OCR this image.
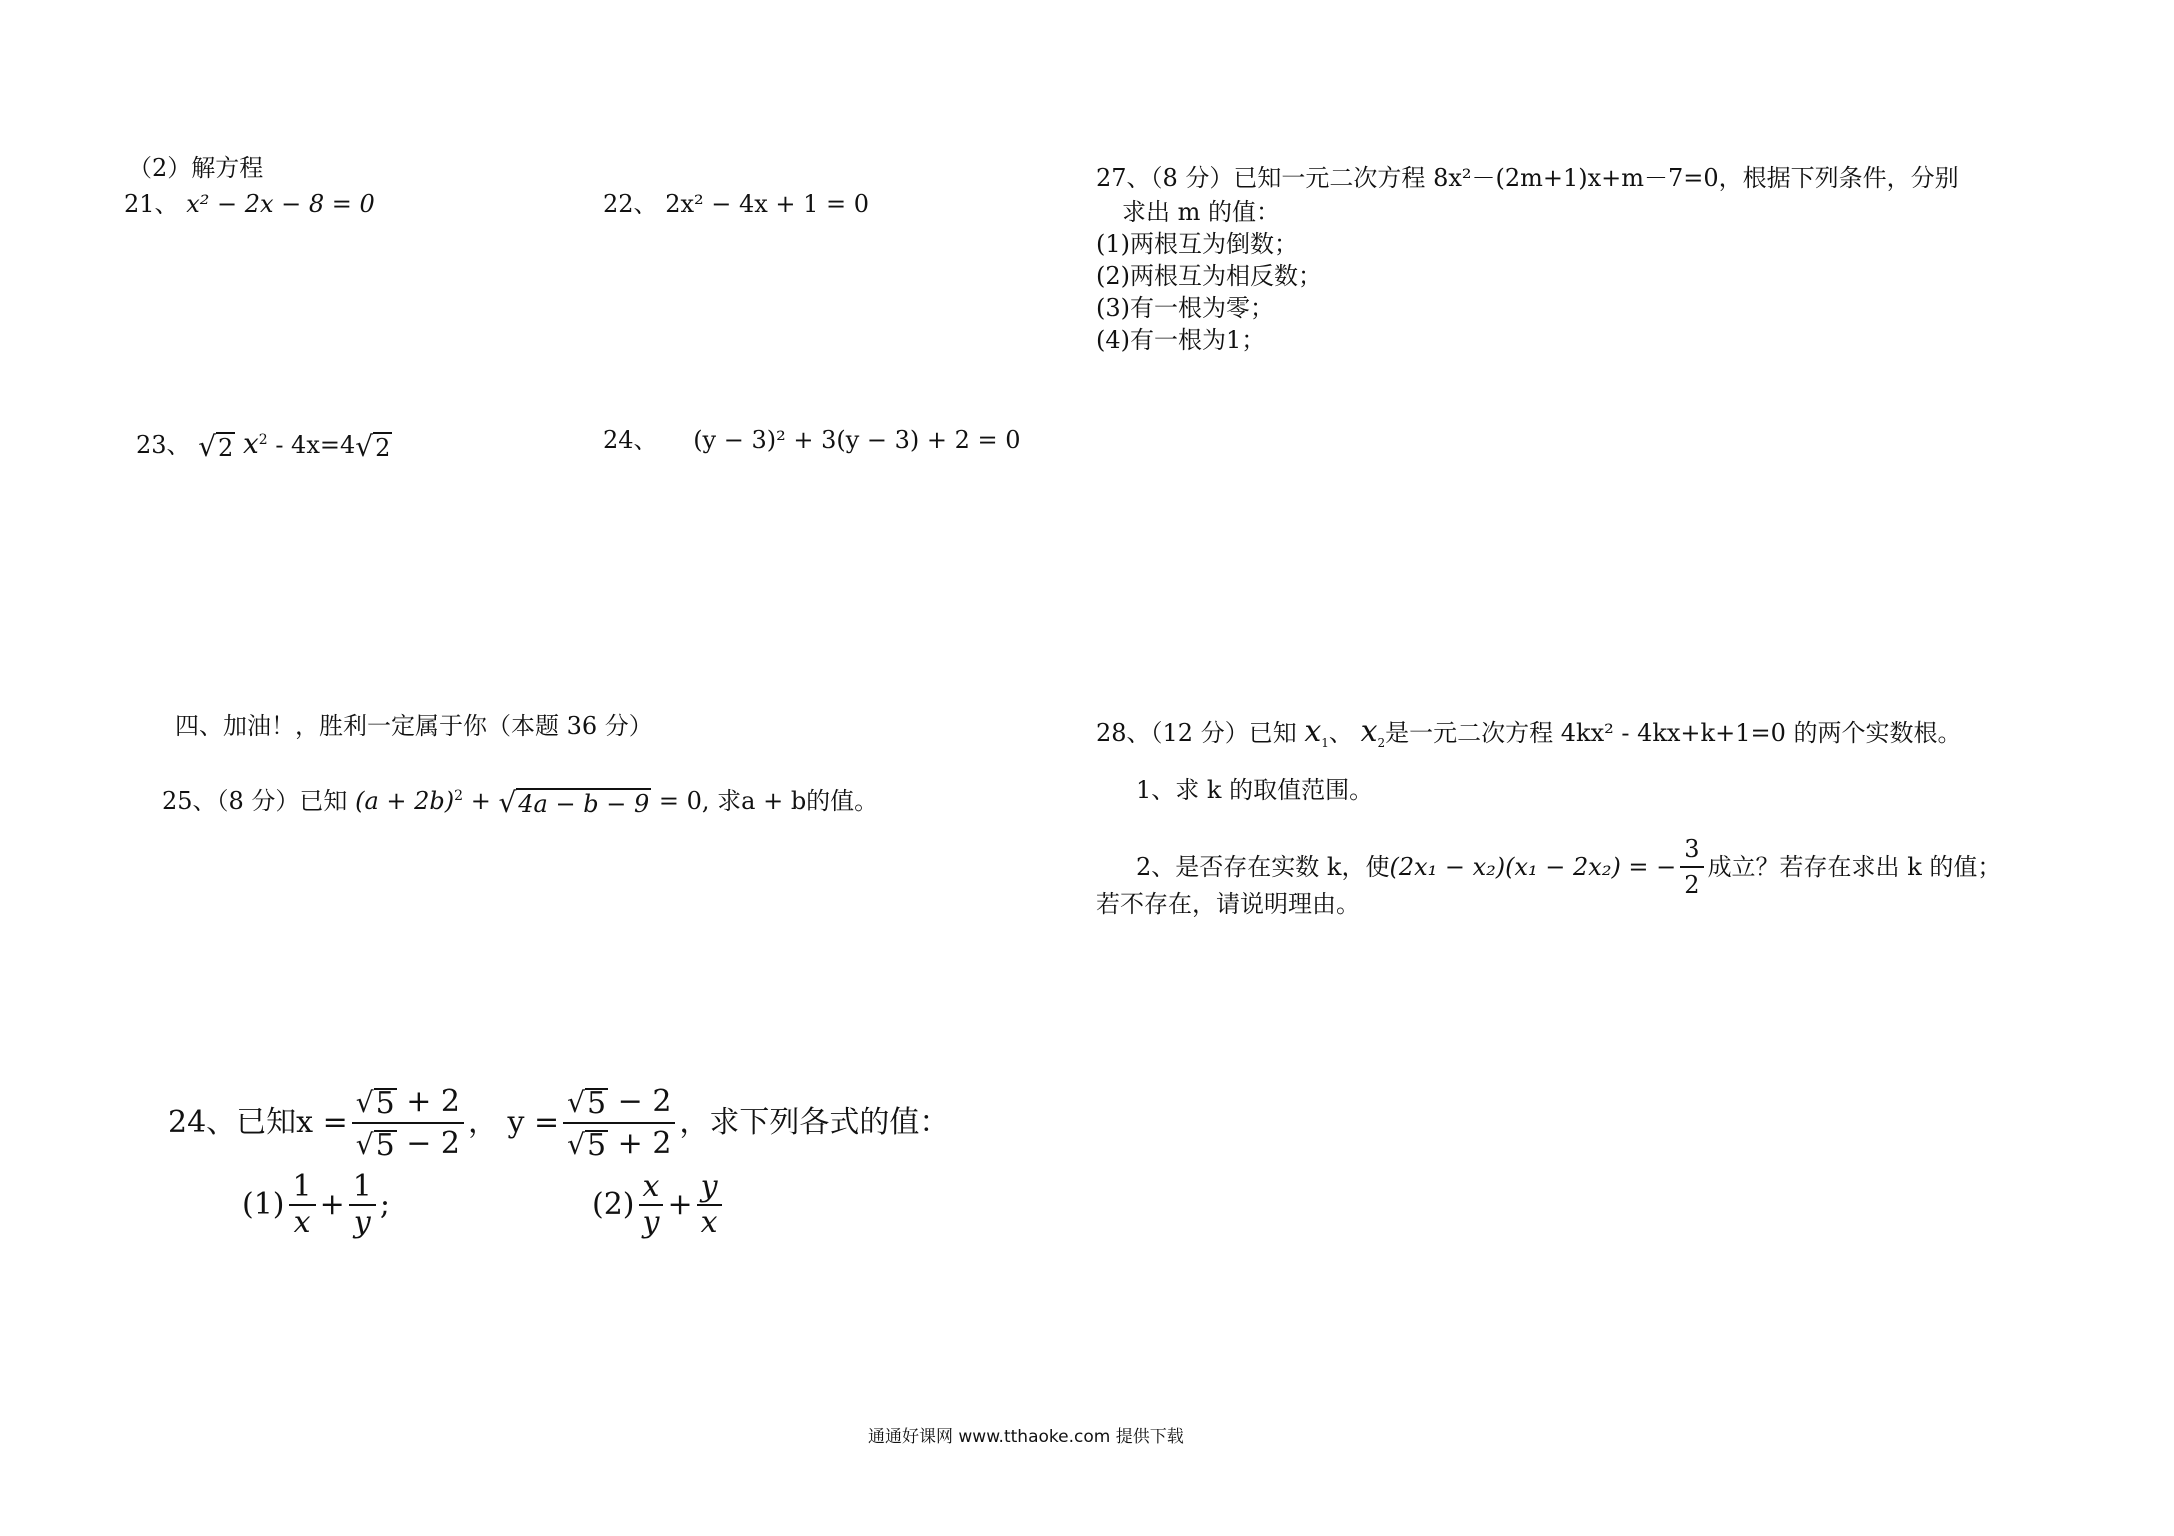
（2）解方程
21、 x² − 2x − 8 = 0	22、 2x² − 4x + 1 = 0
23、 √ 2 $x^2 - 4x=4$ √ 2	24、 (y − 3)² + 3(y − 3) + 2 = 0
四、加油！，胜利一定属于你（本题 36 分）
25、（8 分）已知 $(a + 2b)^2$ + √ 4a − b − 9 = 0, 求a + b的值。
24、已知$x = \frac{√ 5 + 2}{√ 5 - 2}$ ， $y = \frac{√ 5 - 2}{√ 5 + 2}$ ，求下列各式的值：
$(1) \frac{1}{x} + \frac{1}{y}$ ;	$(2) \frac{x}{y} + \frac{y}{x}$
27、（8 分）已知一元二次方程 8x²－(2m+1)x+m－7=0，根据下列条件，分别
求出 m 的值：
(1)两根互为倒数；
(2)两根互为相反数；
(3)有一根为零；
(4)有一根为1；
28、（12 分）已知 $x_1$、 $x_2$是一元二次方程 4kx² - 4kx+k+1=0 的两个实数根。
1、求 k 的取值范围。
2、是否存在实数 k，使 (2x₁ − x₂)(x₁ − 2x₂) = − $\frac{3}{2}$ 成立？若存在求出 k 的值；
若不存在，请说明理由。
通通好课网 www.tthaoke.com 提供下载
